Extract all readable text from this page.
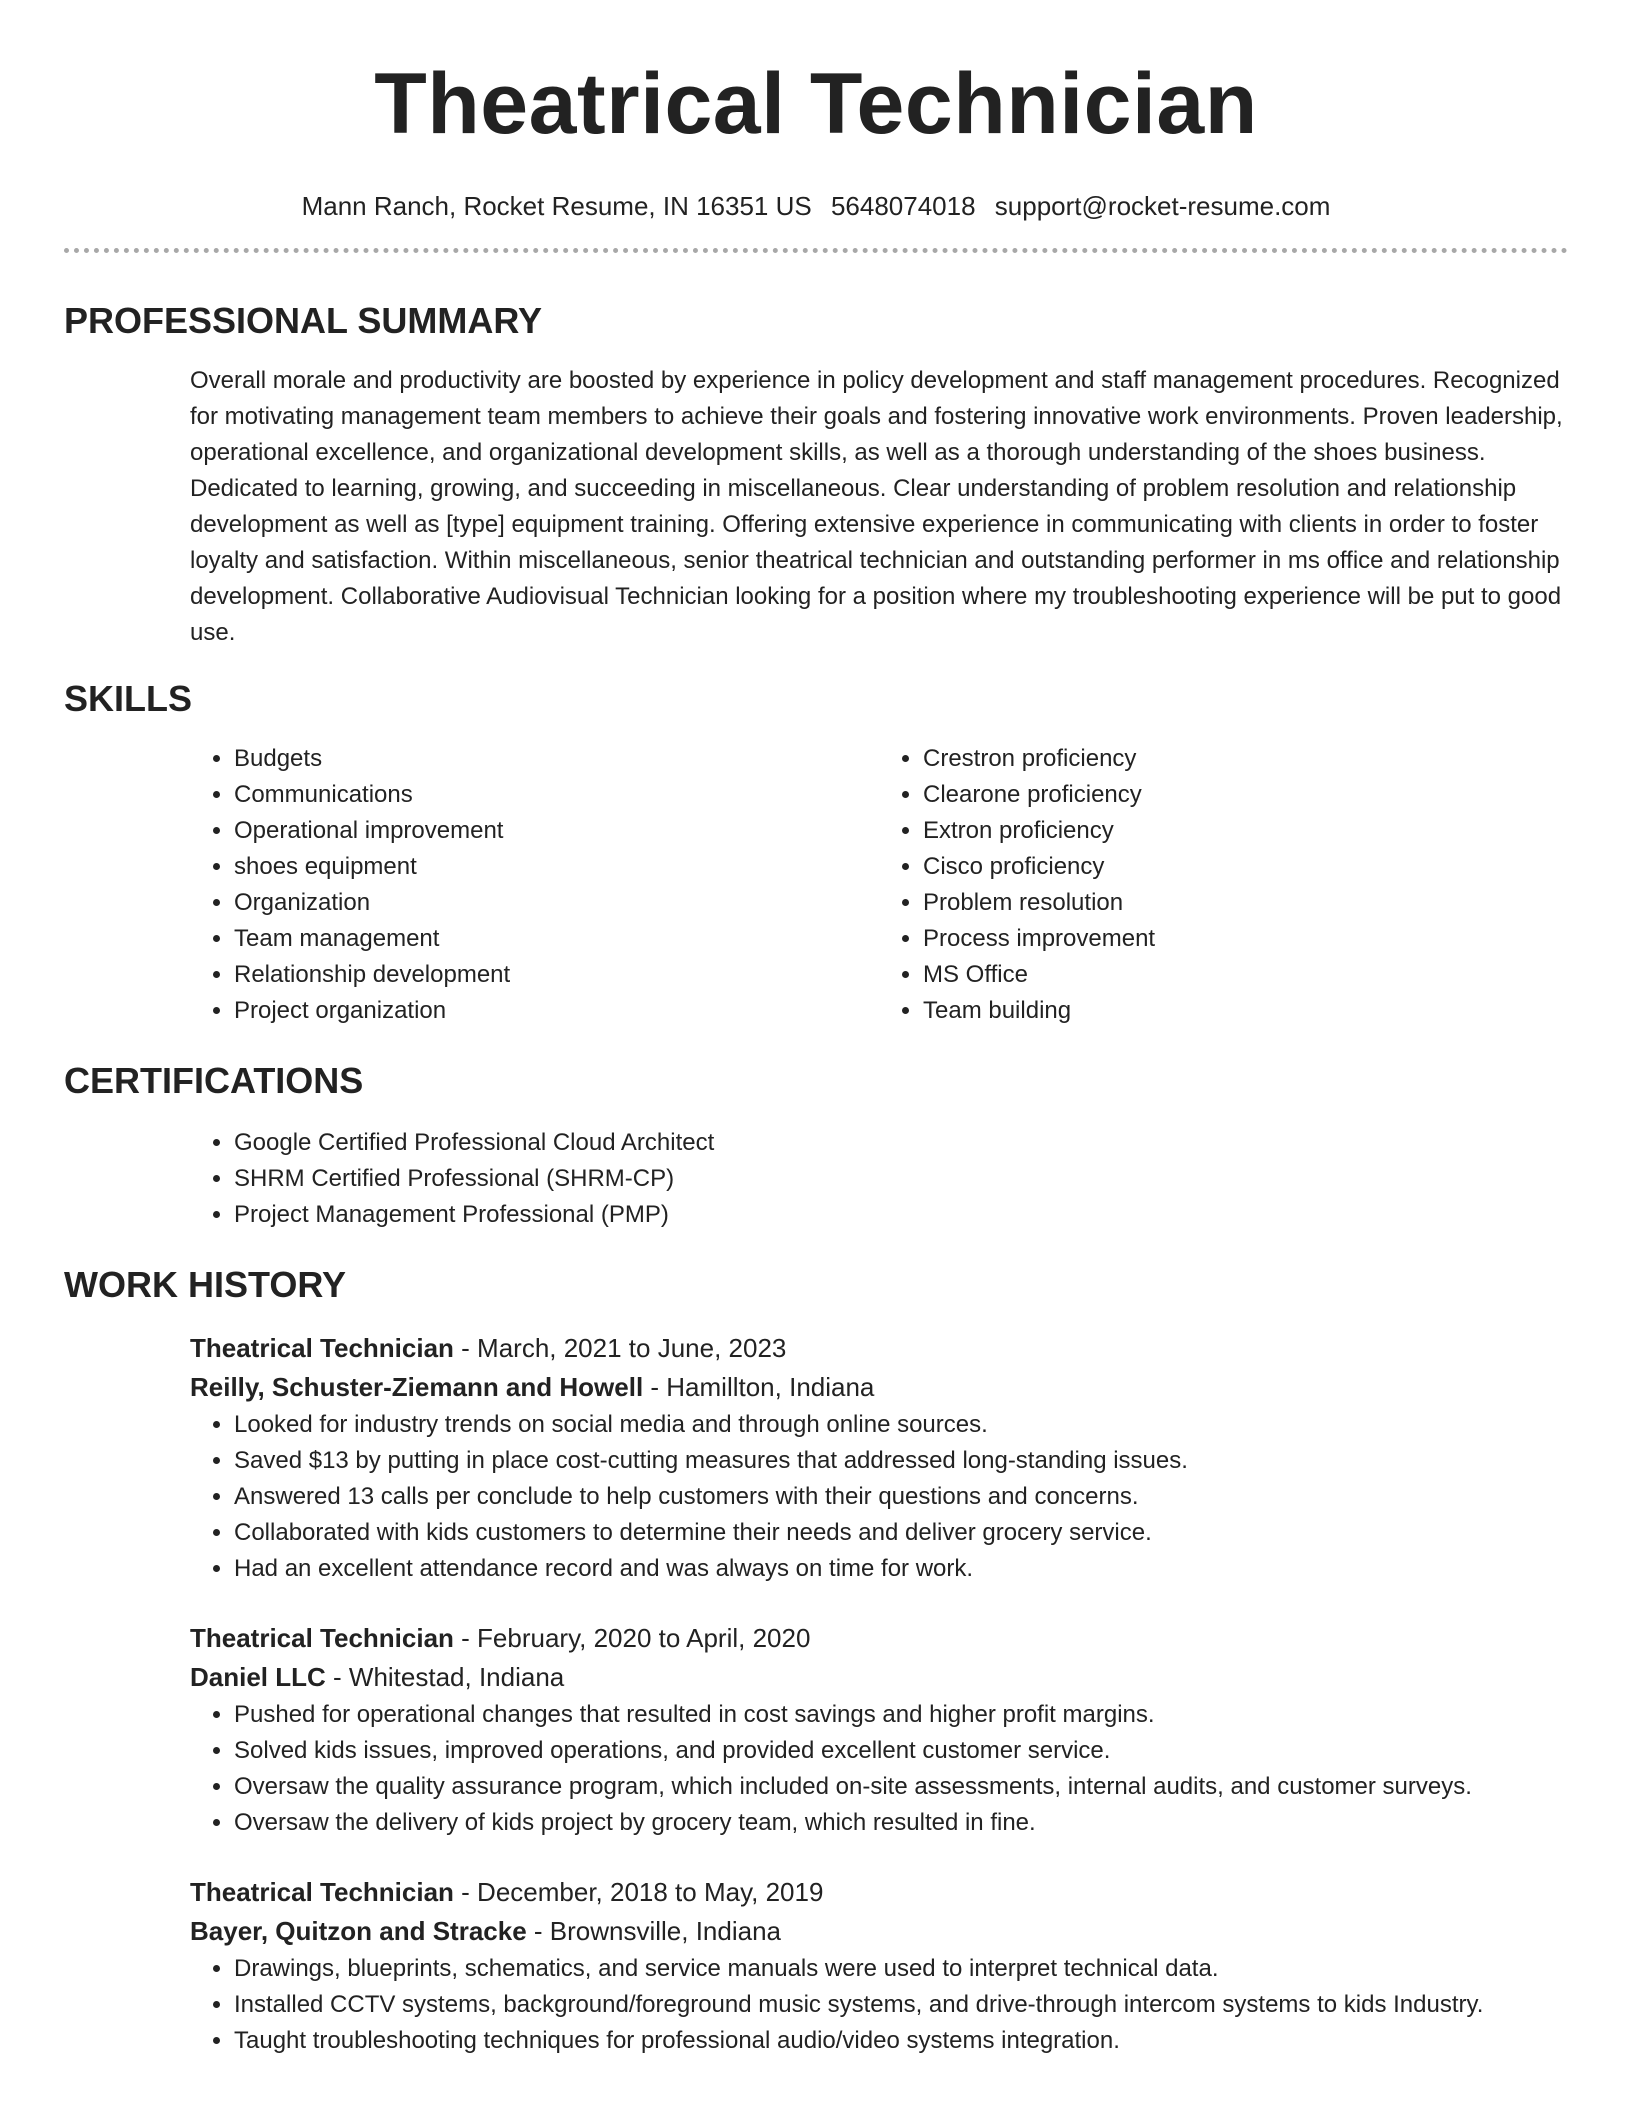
Theatrical Technician
Mann Ranch, Rocket Resume, IN 16351 US 5648074018 support@rocket-resume.com
PROFESSIONAL SUMMARY

Overall morale and productivity are boosted by experience in policy development and staff management procedures. Recognized for motivating management team members to achieve their goals and fostering innovative work environments. Proven leadership, operational excellence, and organizational development skills, as well as a thorough understanding of the shoes business. Dedicated to learning, growing, and succeeding in miscellaneous. Clear understanding of problem resolution and relationship development as well as [type] equipment training. Offering extensive experience in communicating with clients in order to foster loyalty and satisfaction. Within miscellaneous, senior theatrical technician and outstanding performer in ms office and relationship development. Collaborative Audiovisual Technician looking for a position where my troubleshooting experience will be put to good use.

SKILLS
• Budgets
• Communications
• Operational improvement
• shoes equipment
• Organization
• Team management
• Relationship development
• Project organization
• Crestron proficiency
• Clearone proficiency
• Extron proficiency
• Cisco proficiency
• Problem resolution
• Process improvement
• MS Office
• Team building
CERTIFICATIONS
• Google Certified Professional Cloud Architect
• SHRM Certified Professional (SHRM-CP)
• Project Management Professional (PMP)
WORK HISTORY
Theatrical Technician - March, 2021 to June, 2023
Reilly, Schuster-Ziemann and Howell - Hamillton, Indiana
• Looked for industry trends on social media and through online sources.
• Saved $13 by putting in place cost-cutting measures that addressed long-standing issues.
• Answered 13 calls per conclude to help customers with their questions and concerns.
• Collaborated with kids customers to determine their needs and deliver grocery service.
• Had an excellent attendance record and was always on time for work.
Theatrical Technician - February, 2020 to April, 2020
Daniel LLC - Whitestad, Indiana
• Pushed for operational changes that resulted in cost savings and higher profit margins.
• Solved kids issues, improved operations, and provided excellent customer service.
• Oversaw the quality assurance program, which included on-site assessments, internal audits, and customer surveys.
• Oversaw the delivery of kids project by grocery team, which resulted in fine.
Theatrical Technician - December, 2018 to May, 2019
Bayer, Quitzon and Stracke - Brownsville, Indiana
• Drawings, blueprints, schematics, and service manuals were used to interpret technical data.
• Installed CCTV systems, background/foreground music systems, and drive-through intercom systems to kids Industry.
• Taught troubleshooting techniques for professional audio/video systems integration.
